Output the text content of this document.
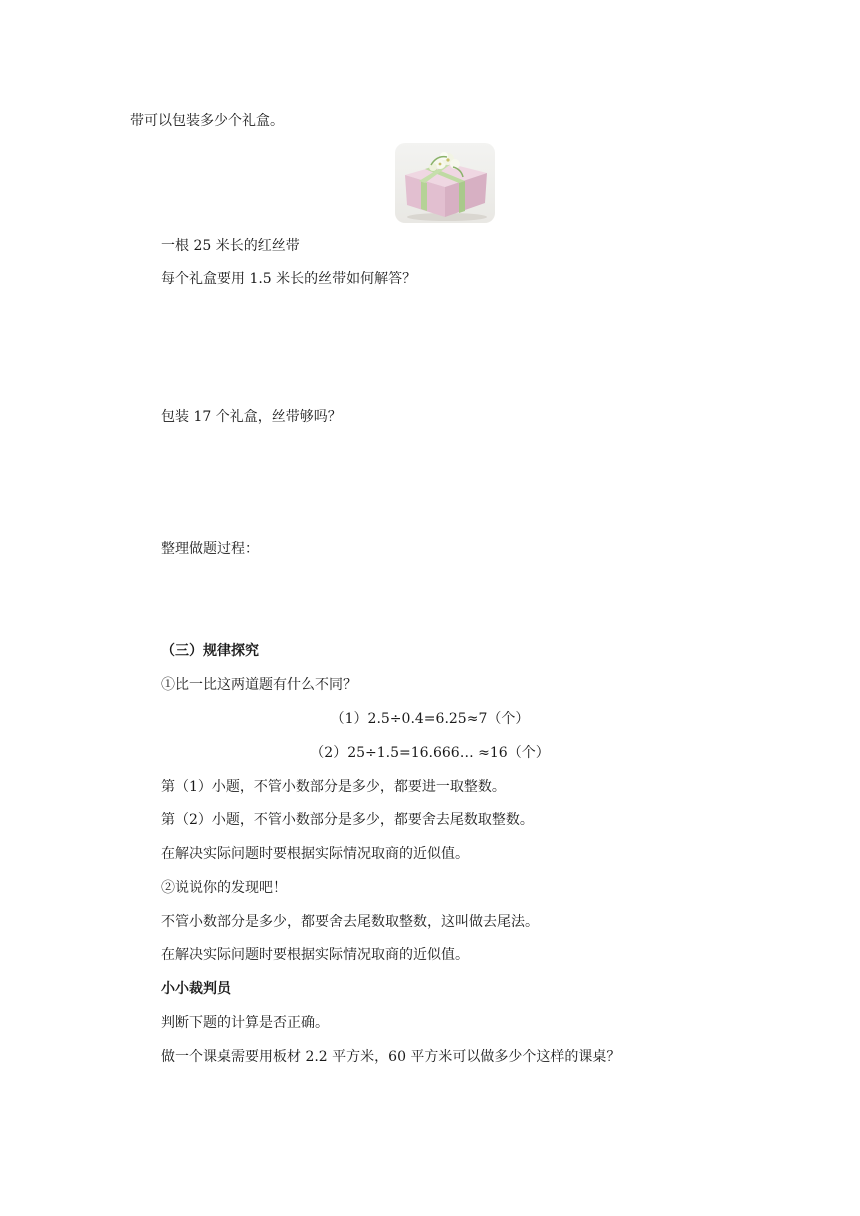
带可以包装多少个礼盒。
一根 25 米长的红丝带
每个礼盒要用 1.5 米长的丝带如何解答？
包装 17 个礼盒，丝带够吗？
整理做题过程：
（三）规律探究
①比一比这两道题有什么不同？
（1）2.5÷0.4=6.25≈7（个）
（2）25÷1.5=16.666… ≈16（个）
第（1）小题，不管小数部分是多少，都要进一取整数。
第（2）小题，不管小数部分是多少，都要舍去尾数取整数。
在解决实际问题时要根据实际情况取商的近似值。
②说说你的发现吧！
不管小数部分是多少，都要舍去尾数取整数，这叫做去尾法。
在解决实际问题时要根据实际情况取商的近似值。
小小裁判员
判断下题的计算是否正确。
做一个课桌需要用板材 2.2 平方米，60 平方米可以做多少个这样的课桌？
